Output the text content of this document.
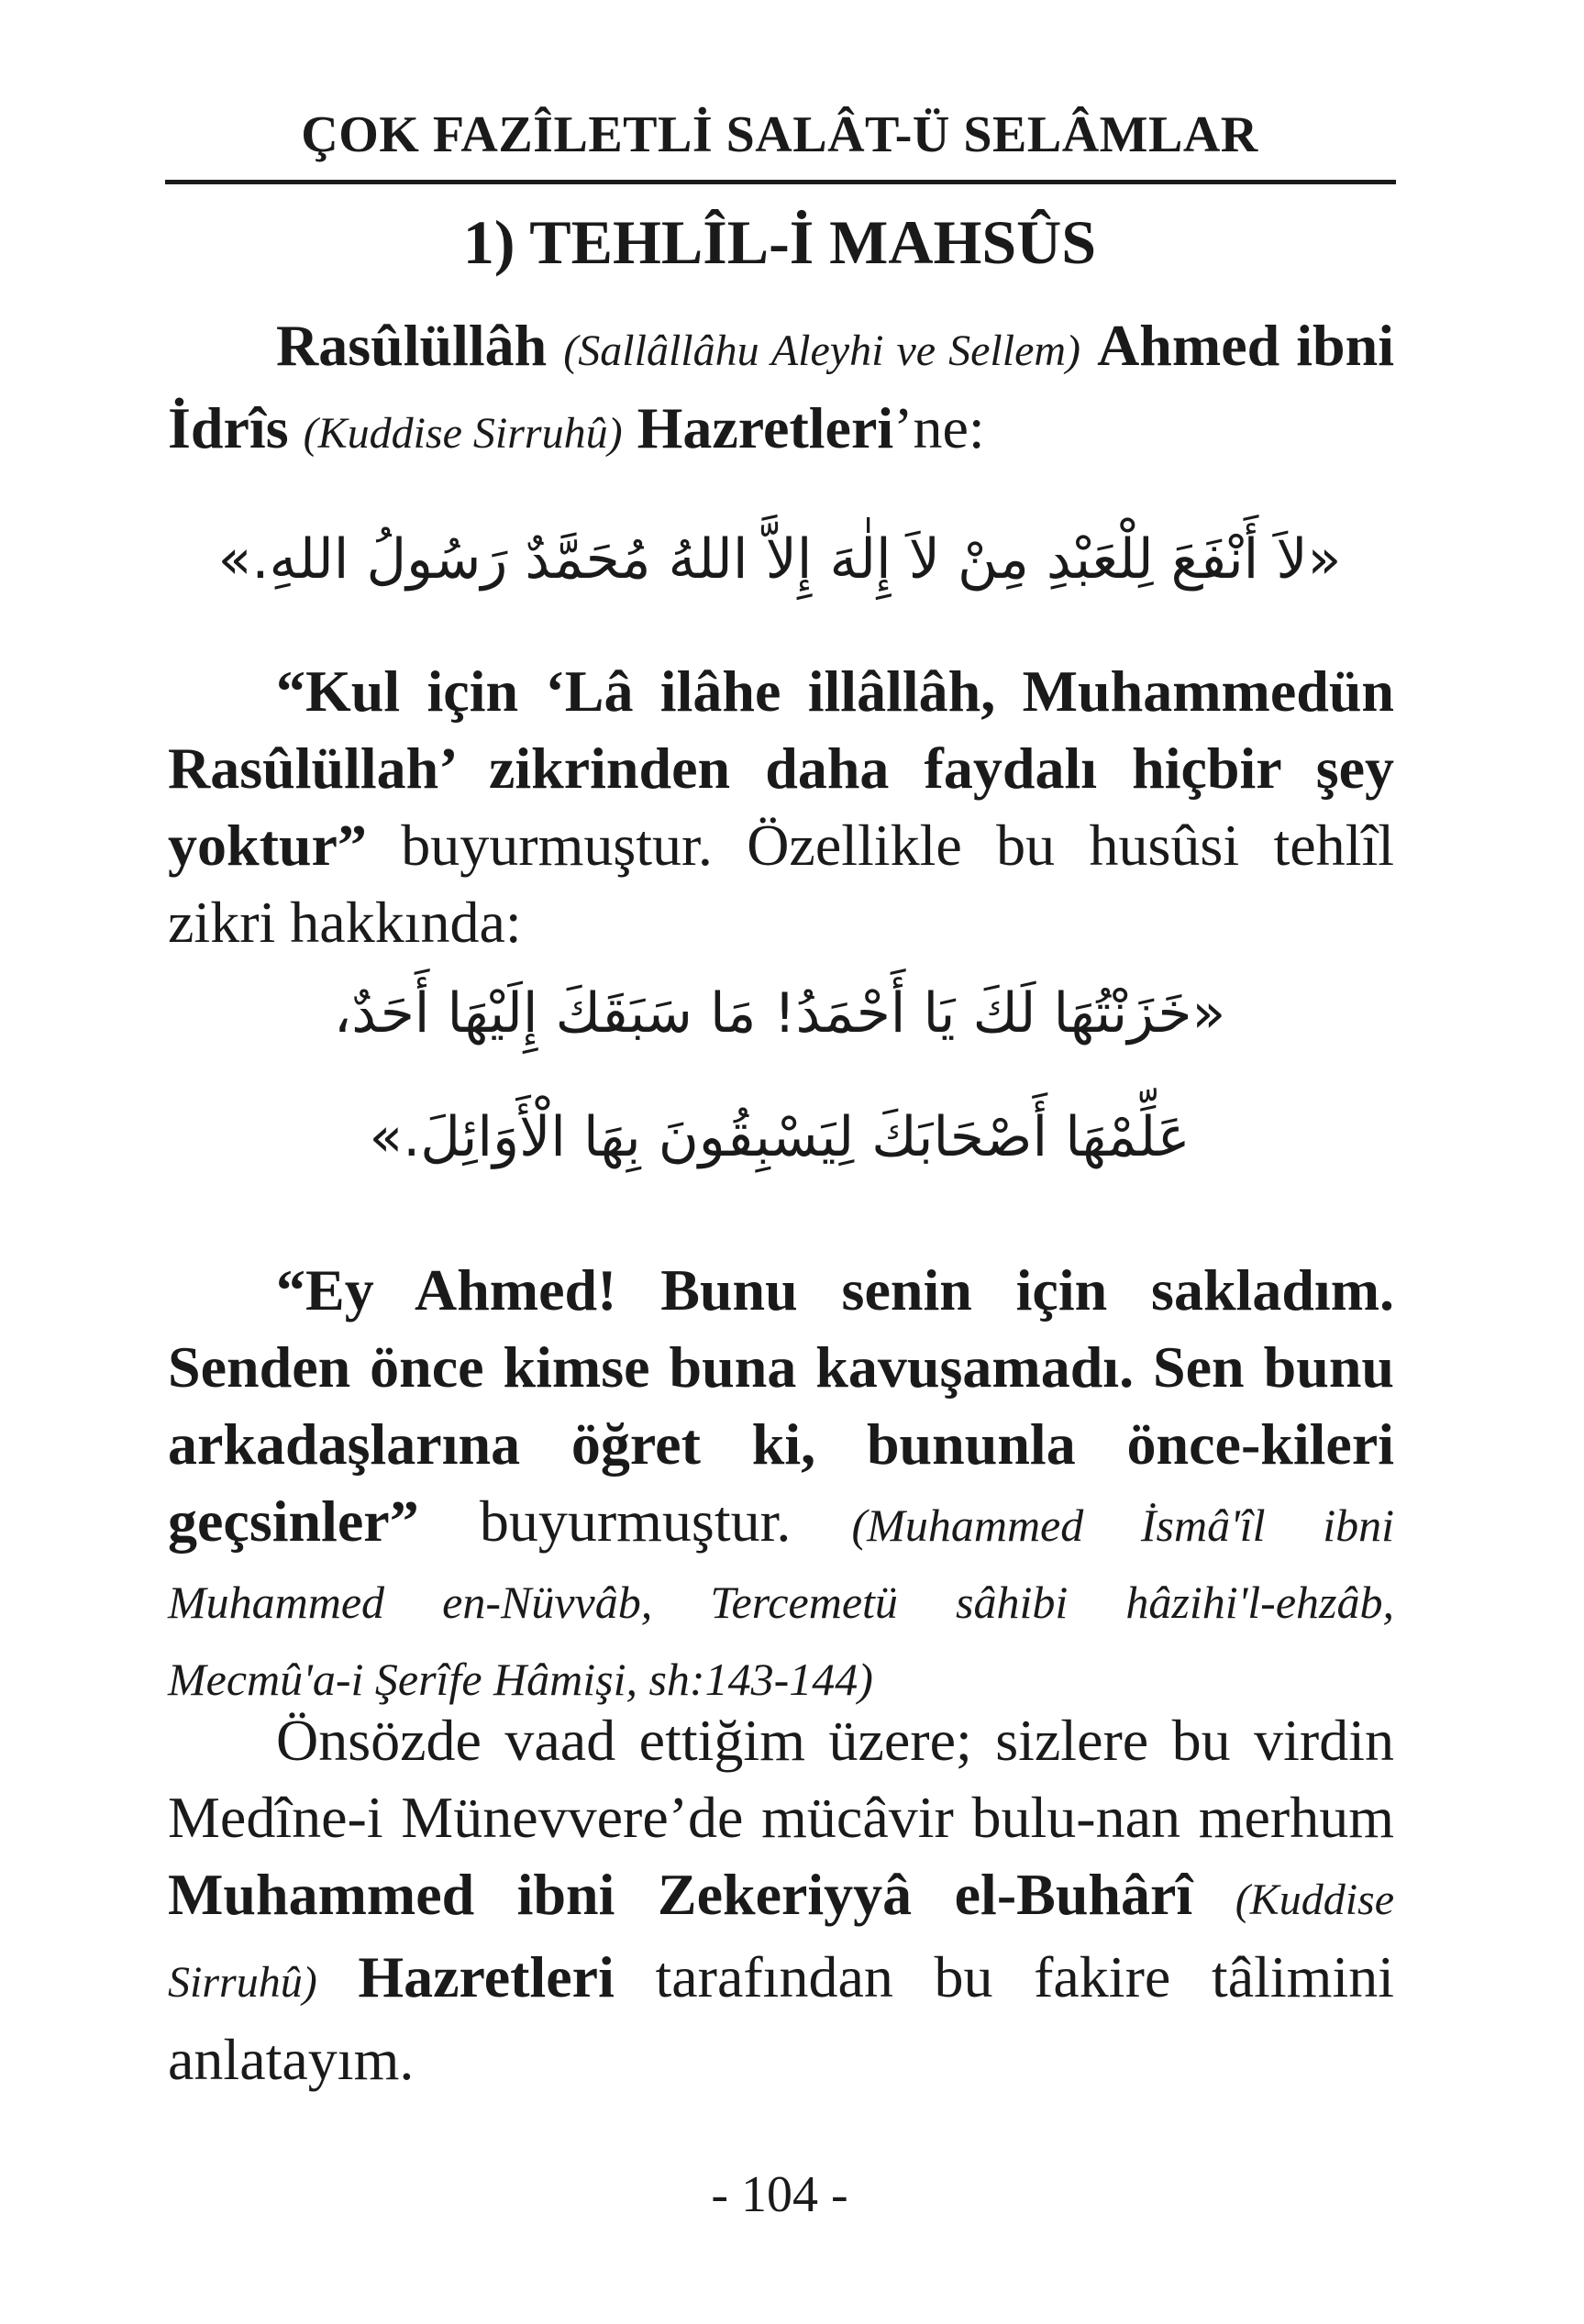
ÇOK FAZÎLETLİ SALÂT-Ü SELÂMLAR
1) TEHLÎL-İ MAHSÛS
Rasûlüllâh (Sallâllâhu Aleyhi ve Sellem) Ahmed ibni İdrîs (Kuddise Sirruhû) Hazretleri’ne:
«لاَ أَنْفَعَ لِلْعَبْدِ مِنْ لاَ إِلٰهَ إِلاَّ اللهُ مُحَمَّدٌ رَسُولُ اللهِ.»
“Kul için ‘Lâ ilâhe illâllâh, Muhammedün Rasûlüllah’ zikrinden daha faydalı hiçbir şey yoktur” buyurmuştur. Özellikle bu husûsi tehlîl zikri hakkında:
«خَزَنْتُهَا لَكَ يَا أَحْمَدُ! مَا سَبَقَكَ إِلَيْهَا أَحَدٌ،
عَلِّمْهَا أَصْحَابَكَ لِيَسْبِقُونَ بِهَا الْأَوَائِلَ.»
“Ey Ahmed! Bunu senin için sakladım. Senden önce kimse buna kavuşamadı. Sen bunu arkadaşlarına öğret ki, bununla önce-kileri geçsinler” buyurmuştur. (Muhammed İsmâ'îl ibni Muhammed en-Nüvvâb, Tercemetü sâhibi hâzihi'l-ehzâb, Mecmû'a-i Şerîfe Hâmişi, sh:143-144)
Önsözde vaad ettiğim üzere; sizlere bu virdin Medîne-i Münevvere’de mücâvir bulu-nan merhum Muhammed ibni Zekeriyyâ el-Buhârî (Kuddise Sirruhû) Hazretleri tarafından bu fakire tâlimini anlatayım.
- 104 -
